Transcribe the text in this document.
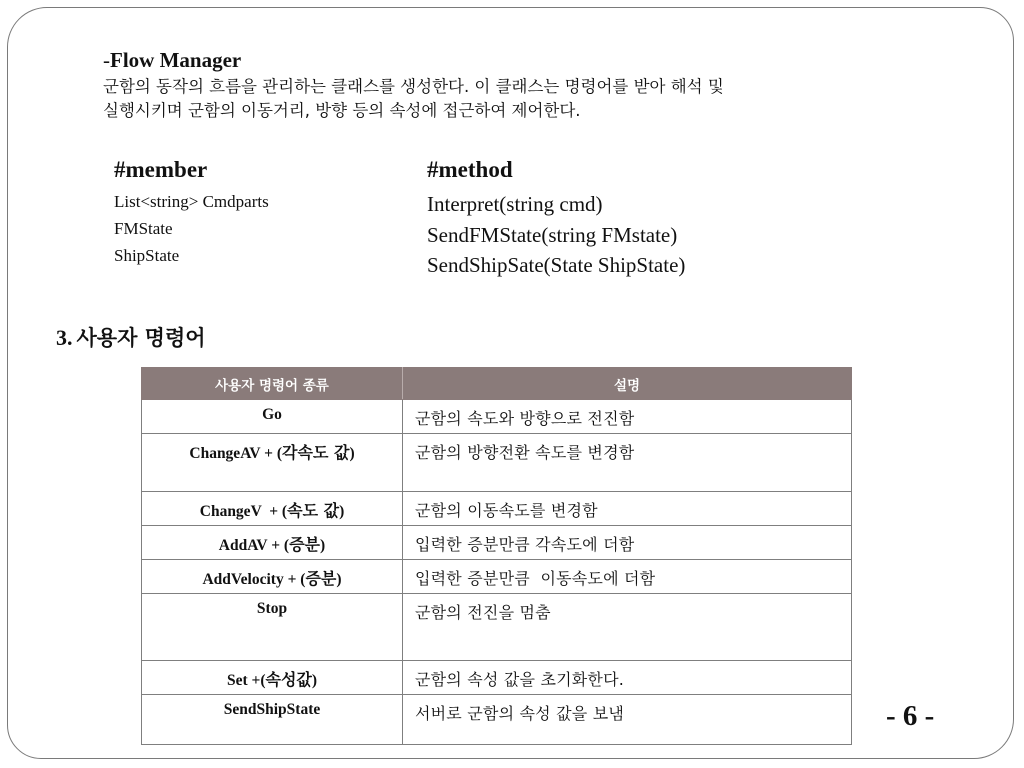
-Flow Manager
군함의 동작의 흐름을 관리하는 클래스를 생성한다. 이 클래스는 명령어를 받아 해석 및
실행시키며 군함의 이동거리, 방향 등의 속성에 접근하여 제어한다.
#member
List<string> Cmdparts
FMState
ShipState
#method
Interpret(string cmd)
SendFMState(string FMstate)
SendShipSate(State ShipState)
3. 사용자 명령어
사용자 명령어 종류	설명
Go	군함의 속도와 방향으로 전진함
ChangeAV + (각속도 값)	군함의 방향전환 속도를 변경함
ChangeV  + (속도 값)	군함의 이동속도를 변경함
AddAV + (증분)	입력한 증분만큼 각속도에 더함
AddVelocity + (증분)	입력한 증분만큼  이동속도에 더함
Stop	군함의 전진을 멈춤
Set +(속성값)	군함의 속성 값을 초기화한다.
SendShipState	서버로 군함의 속성 값을 보냄	- 6 -
